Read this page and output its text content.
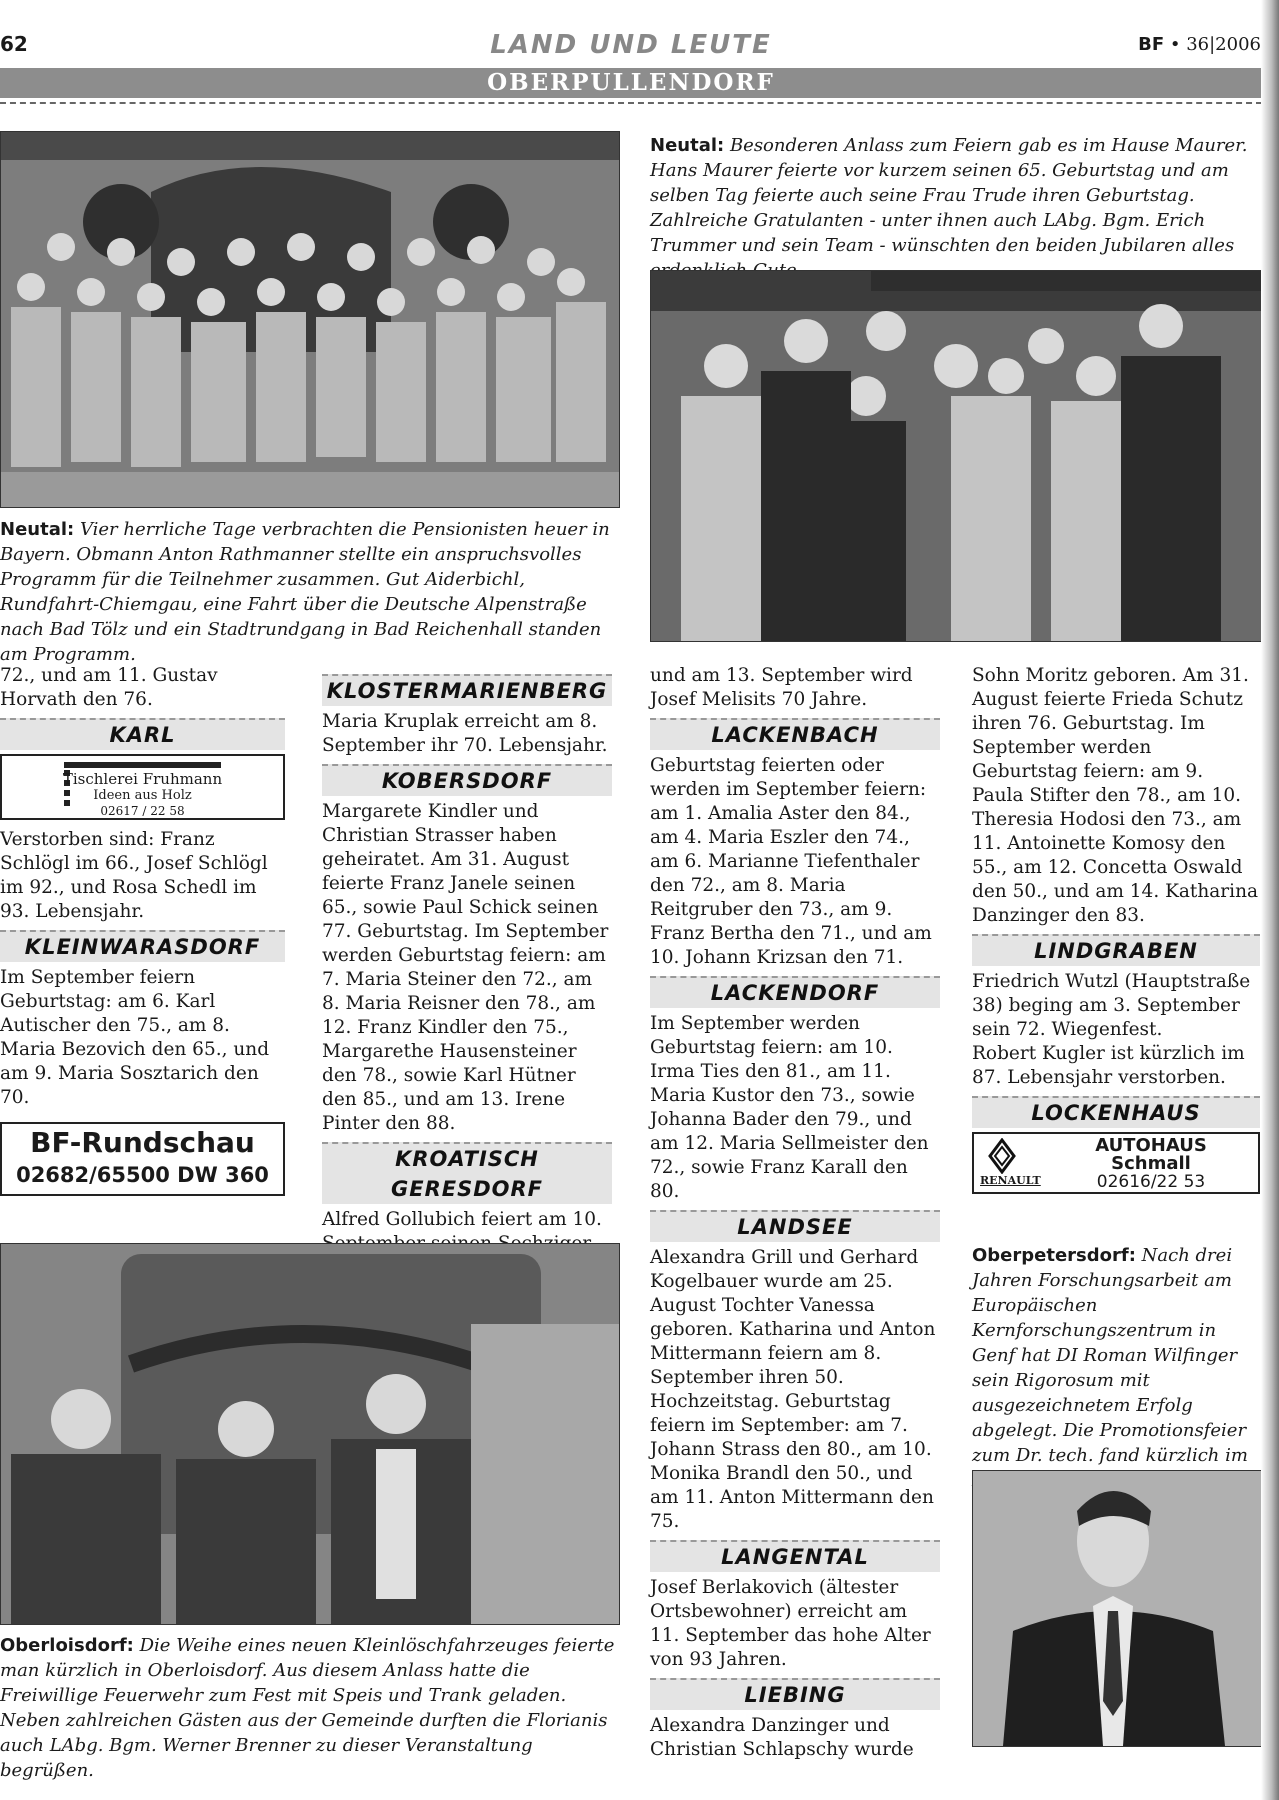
62	LAND UND LEUTE	BF • 36|2006
OBERPULLENDORF
Neutal: Vier herrliche Tage verbrachten die Pensionisten heuer in Bayern. Obmann Anton Rathmanner stellte ein anspruchsvolles Programm für die Teilnehmer zusammen. Gut Aiderbichl, Rundfahrt-Chiemgau, eine Fahrt über die Deutsche Alpenstraße nach Bad Tölz und ein Stadtrundgang in Bad Reichenhall standen am Programm.
Neutal: Besonderen Anlass zum Feiern gab es im Hause Maurer. Hans Maurer feierte vor kurzem seinen 65. Geburtstag und am selben Tag feierte auch seine Frau Trude ihren Geburtstag. Zahlreiche Gratulanten - unter ihnen auch LAbg. Bgm. Erich Trummer und sein Team - wünschten den beiden Jubilaren alles

72., und am 11. Gustav Horvath den 76.

KARL
Tischlerei Fruhmann
Ideen aus Holz
02617 / 22 58

Verstorben sind: Franz Schlögl im 66., Josef Schlögl im 92., und Rosa Schedl im 93. Lebensjahr.

KLEINWARASDORF

Im September feiern Geburtstag: am 6. Karl Autischer den 75., am 8. Maria Bezovich den 65., und am 9. Maria Sosztarich den 70.

BF-Rundschau
02682/65500 DW 360
KLOSTERMARIENBERG

Maria Kruplak erreicht am 8. September ihr 70. Lebensjahr.

KOBERSDORF

Margarete Kindler und Christian Strasser haben geheiratet. Am 31. August feierte Franz Janele seinen 65., sowie Paul Schick seinen 77. Geburtstag. Im September werden Geburtstag feiern: am 7. Maria Steiner den 72., am 8. Maria Reisner den 78., am 12. Franz Kindler den 75., Margarethe Hausensteiner den 78., sowie Karl Hütner den 85., und am 13. Irene Pinter den 88.

KROATISCH GERESDORF

Alfred Gollubich feiert am 10.

Oberloisdorf: Die Weihe eines neuen Kleinlöschfahrzeuges feierte man kürzlich in Oberloisdorf. Aus diesem Anlass hatte die Freiwillige Feuerwehr zum Fest mit Speis und Trank geladen. Neben zahlreichen Gästen aus der Gemeinde durften die Florianis auch LAbg. Bgm. Werner Brenner zu dieser Veranstaltung begrüßen.

und am 13. September wird Josef Melisits 70 Jahre.

LACKENBACH

Geburtstag feierten oder werden im September feiern: am 1. Amalia Aster den 84., am 4. Maria Eszler den 74., am 6. Marianne Tiefenthaler den 72., am 8. Maria Reitgruber den 73., am 9. Franz Bertha den 71., und am 10. Johann Krizsan den 71.

LACKENDORF

Im September werden Geburtstag feiern: am 10. Irma Ties den 81., am 11. Maria Kustor den 73., sowie Johanna Bader den 79., und am 12. Maria Sellmeister den 72., sowie Franz Karall den 80.

LANDSEE

Alexandra Grill und Gerhard Kogelbauer wurde am 25. August Tochter Vanessa geboren. Katharina und Anton Mittermann feiern am 8. September ihren 50. Hochzeitstag. Geburtstag feiern im September: am 7. Johann Strass den 80., am 10. Monika Brandl den 50., und am 11. Anton Mittermann den 75.

LANGENTAL

Josef Berlakovich (ältester Ortsbewohner) erreicht am 11. September das hohe Alter von 93 Jahren.

LIEBING

Alexandra Danzinger und Christian Schlapschy wurde

Sohn Moritz geboren. Am 31. August feierte Frieda Schutz ihren 76. Geburtstag. Im September werden Geburtstag feiern: am 9. Paula Stifter den 78., am 10. Theresia Hodosi den 73., am 11. Antoinette Komosy den 55., am 12. Concetta Oswald den 50., und am 14. Katharina Danzinger den 83.

LINDGRABEN

Friedrich Wutzl (Hauptstraße 38) beging am 3. September sein 72. Wiegenfest.

Robert Kugler ist kürzlich im 87. Lebensjahr verstorben.

LOCKENHAUS
RENAULT
AUTOHAUS
Schmall
02616/22 53
Oberpetersdorf: Nach drei Jahren Forschungsarbeit am Europäischen Kernforschungszentrum in Genf hat DI Roman Wilfinger sein Rigorosum mit ausgezeichnetem Erfolg abgelegt. Die Promotionsfeier zum Dr. tech. fand kürzlich im
